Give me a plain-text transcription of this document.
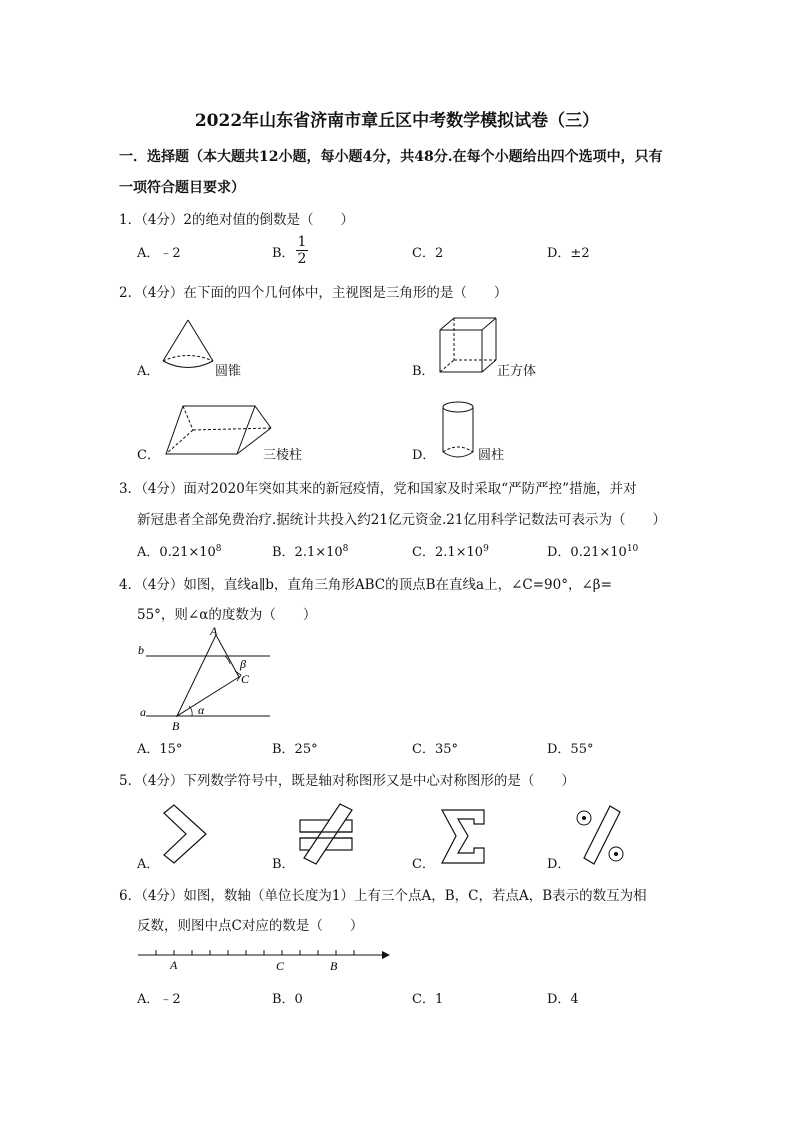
2022年山东省济南市章丘区中考数学模拟试卷（三）
一．选择题（本大题共12小题，每小题4分，共48分.在每个小题给出四个选项中，只有
一项符合题目要求）
1．（4分）2的绝对值的倒数是（　　）
A．﹣2	B．
1
2	C．2	D．±2
2．（4分）在下面的四个几何体中，主视图是三角形的是（　　）
A．	圆锥	B．	正方体
C．	三棱柱	D．	圆柱
3．（4分）面对2020年突如其来的新冠疫情，党和国家及时采取“严防严控”措施，并对
新冠患者全部免费治疗.据统计共投入约21亿元资金.21亿用科学记数法可表示为（　　）
A．$0.21\times 10^8$	B．$2.1\times 10^8$	C．$2.1\times 10^9$	D．$0.21\times 10^{10}$
4．（4分）如图，直线a∥b，直角三角形ABC的顶点B在直线a上，∠C=90°，∠β=
55°，则∠α的度数为（　　）
A
b
β
C
a
B
α
A．15°	B．25°	C．35°	D．55°
5．（4分）下列数学符号中，既是轴对称图形又是中心对称图形的是（　　）
A．	B．	C．	D．
6．（4分）如图，数轴（单位长度为1）上有三个点A，B，C，若点A，B表示的数互为相
反数，则图中点C对应的数是（　　）
A	C	B
A．﹣2	B．0	C．1	D．4
